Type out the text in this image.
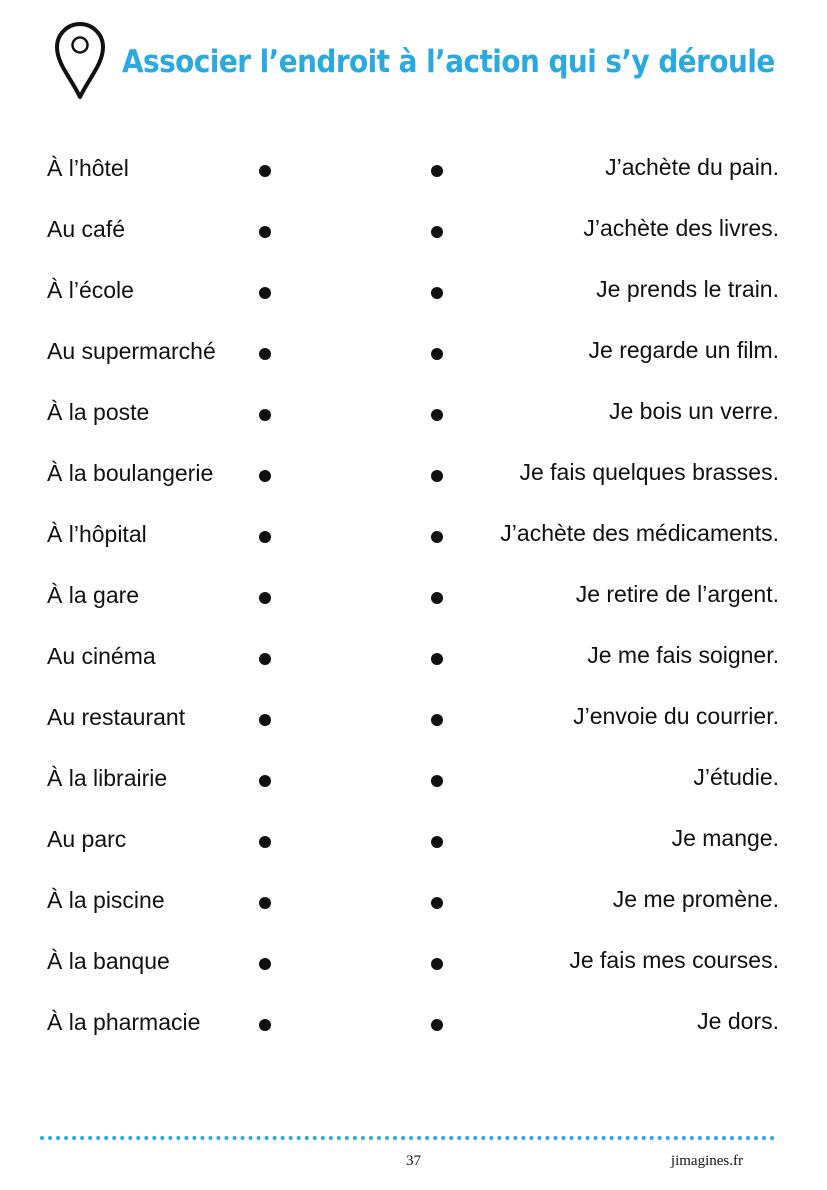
Associer l’endroit à l’action qui s’y déroule
À l’hôtel	J’achète du pain.
Au café	J’achète des livres.
À l’école	Je prends le train.
Au supermarché	Je regarde un film.
À la poste	Je bois un verre.
À la boulangerie	Je fais quelques brasses.
À l’hôpital	J’achète des médicaments.
À la gare	Je retire de l’argent.
Au cinéma	Je me fais soigner.
Au restaurant	J’envoie du courrier.
À la librairie	J’étudie.
Au parc	Je mange.
À la piscine	Je me promène.
À la banque	Je fais mes courses.
À la pharmacie	Je dors.
37	jimagines.fr
